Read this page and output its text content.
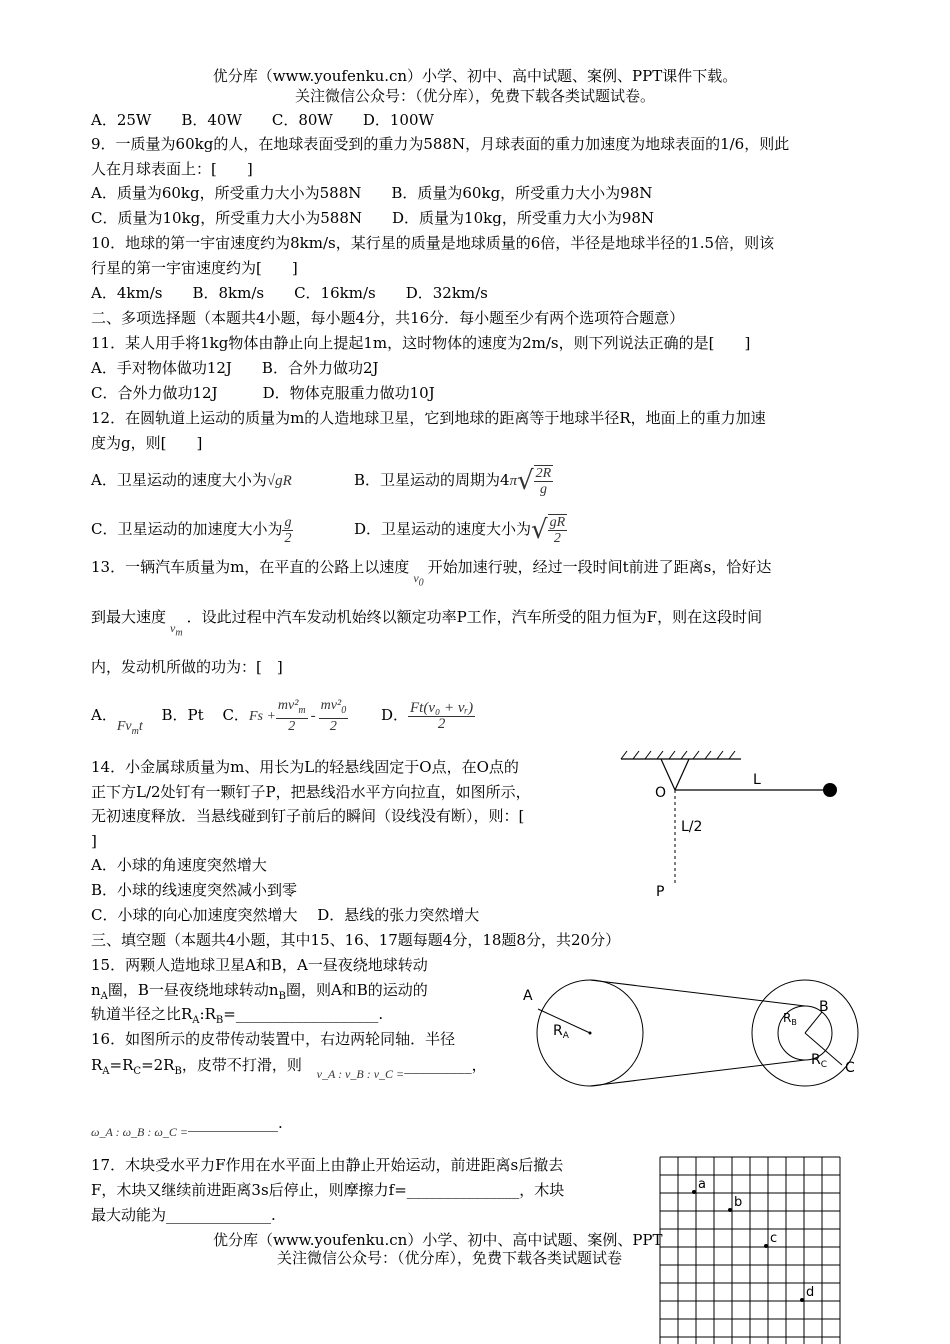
优分库（www.youfenku.cn）小学、初中、高中试题、案例、PPT课件下载。
关注微信公众号：（优分库），免费下载各类试题试卷。
A．25W　　B．40W　　C．80W　　D．100W
9．一质量为60kg的人，在地球表面受到的重力为588N，月球表面的重力加速度为地球表面的1/6，则此
人在月球表面上：[　　]
A．质量为60kg，所受重力大小为588N　　B．质量为60kg，所受重力大小为98N
C．质量为10kg，所受重力大小为588N　　D．质量为10kg，所受重力大小为98N
10．地球的第一宇宙速度约为8km/s，某行星的质量是地球质量的6倍，半径是地球半径的1.5倍，则该
行星的第一宇宙速度约为[　　]
A．4km/s　　B．8km/s　　C．16km/s　　D．32km/s
二、多项选择题（本题共4小题，每小题4分，共16分．每小题至少有两个选项符合题意）
11．某人用手将1kg物体由静止向上提起1m，这时物体的速度为2m/s，则下列说法正确的是[　　]
A．手对物体做功12J　　B．合外力做功2J
C．合外力做功12J　　　D．物体克服重力做功10J
12．在圆轨道上运动的质量为m的人造地球卫星，它到地球的距离等于地球半径R，地面上的重力加速
度为g，则[　　]
A．卫星运动的速度大小为√gR	B．卫星运动的周期为$4\pi√ \frac{2R}{g}$
C．卫星运动的加速度大小为 $\frac{g}{2}$	D．卫星运动的速度大小为√ $\frac{gR}{2}$
13．一辆汽车质量为m，在平直的公路上以速度$_{v_0}$开始加速行驶，经过一段时间t前进了距离s，恰好达
到最大速度$_{v_m}$．设此过程中汽车发动机始终以额定功率P工作，汽车所受的阻力恒为F，则在这段时间
内，发动机所做的功为：[　]
A．$Fv_mt$ B．Pt C．$Fs + \frac{mv^2_m}{2} - \frac{mv^2_0}{2}$ D． $\frac{\text{Ft(v₀ + vᵣ)}}{2}$
14．小金属球质量为m、用长为L的轻悬线固定于O点，在O点的
正下方L/2处钉有一颗钉子P，把悬线沿水平方向拉直，如图所示，
无初速度释放．当悬线碰到钉子前后的瞬间（设线没有断），则：[
]
A．小球的角速度突然增大
B．小球的线速度突然减小到零
C．小球的向心加速度突然增大　 D．悬线的张力突然增大
O
L
L/2
P
三、填空题（本题共4小题，其中15、16、17题每题4分，18题8分，共20分）
15．两颗人造地球卫星A和B，A一昼夜绕地球转动
$n_A$圈，B一昼夜绕地球转动$n_B$圈，则A和B的运动的
轨道半径之比$R_A:R_B=\_\_\_\_\_\_\_\_\_\_\_\_\_\_\_\_\_\_\_$.
16．如图所示的皮带传动装置中，右边两轮同轴．半径
$R_A=R_C=2R_B$，皮带不打滑，则 $_{v\_A : v\_B : v\_C =}$_________，
$_{\omega\_A : \omega\_B : \omega\_C =}$____________.
A
$R_A$
B
$R_B$
$R_C$ C
17．木块受水平力F作用在水平面上由静止开始运动，前进距离s后撤去
F，木块又继续前进距离3s后停止，则摩擦力f=_______________，木块
最大动能为______________.
a
b
c
d
优分库（www.youfenku.cn）小学、初中、高中试题、案例、PPT
关注微信公众号：（优分库），免费下载各类试题试卷
